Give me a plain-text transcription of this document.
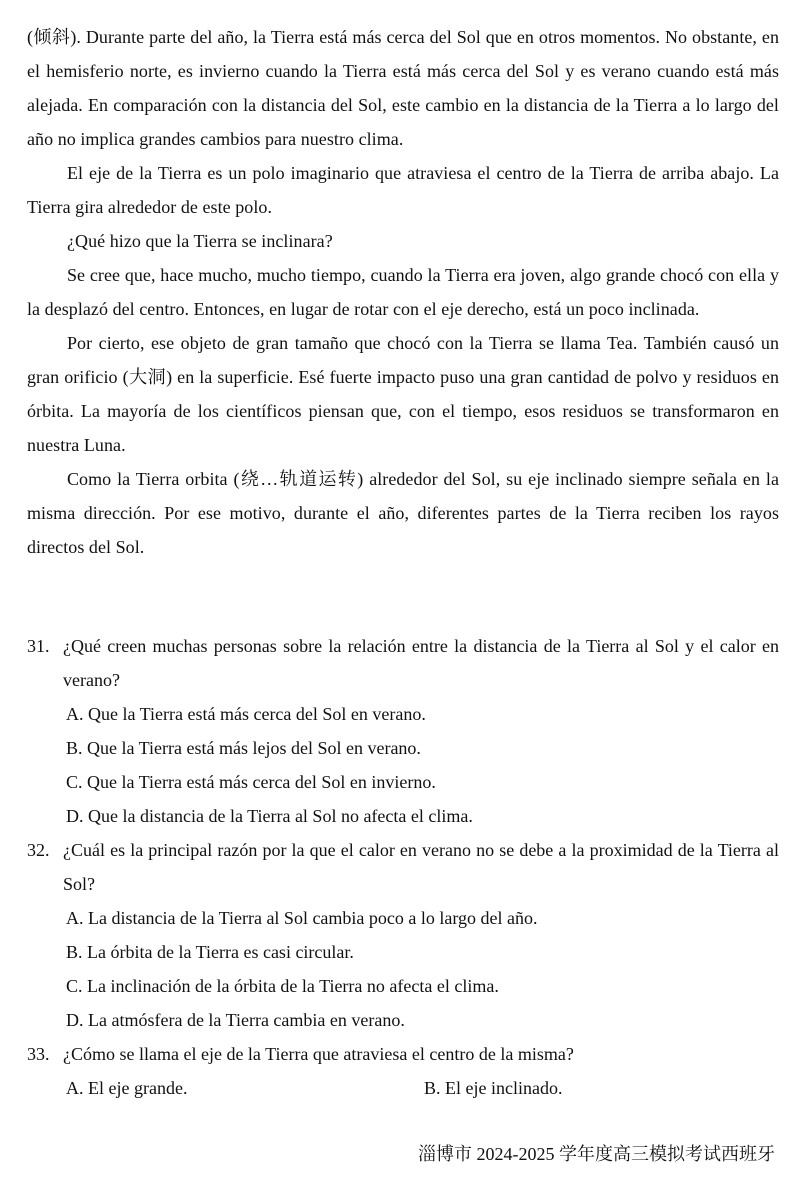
(倾斜). Durante parte del año, la Tierra está más cerca del Sol que en otros momentos. No obstante, en el hemisferio norte, es invierno cuando la Tierra está más cerca del Sol y es verano cuando está más alejada. En comparación con la distancia del Sol, este cambio en la distancia de la Tierra a lo largo del año no implica grandes cambios para nuestro clima.

El eje de la Tierra es un polo imaginario que atraviesa el centro de la Tierra de arriba abajo. La Tierra gira alrededor de este polo.

¿Qué hizo que la Tierra se inclinara?

Se cree que, hace mucho, mucho tiempo, cuando la Tierra era joven, algo grande chocó con ella y la desplazó del centro. Entonces, en lugar de rotar con el eje derecho, está un poco inclinada.

Por cierto, ese objeto de gran tamaño que chocó con la Tierra se llama Tea. También causó un gran orificio (大洞) en la superficie. Esé fuerte impacto puso una gran cantidad de polvo y residuos en órbita. La mayoría de los científicos piensan que, con el tiempo, esos residuos se transformaron en nuestra Luna.

Como la Tierra orbita (绕…轨道运转) alrededor del Sol, su eje inclinado siempre señala en la misma dirección. Por ese motivo, durante el año, diferentes partes de la Tierra reciben los rayos directos del Sol.

31. ¿Qué creen muchas personas sobre la relación entre la distancia de la Tierra al Sol y el calor en verano?
A. Que la Tierra está más cerca del Sol en verano.
B. Que la Tierra está más lejos del Sol en verano.
C. Que la Tierra está más cerca del Sol en invierno.
D. Que la distancia de la Tierra al Sol no afecta el clima.
32. ¿Cuál es la principal razón por la que el calor en verano no se debe a la proximidad de la Tierra al Sol?
A. La distancia de la Tierra al Sol cambia poco a lo largo del año.
B. La órbita de la Tierra es casi circular.
C. La inclinación de la órbita de la Tierra no afecta el clima.
D. La atmósfera de la Tierra cambia en verano.
33. ¿Cómo se llama el eje de la Tierra que atraviesa el centro de la misma?
A. El eje grande.	B. El eje inclinado.
淄博市 2024-2025 学年度高三模拟考试西班牙
